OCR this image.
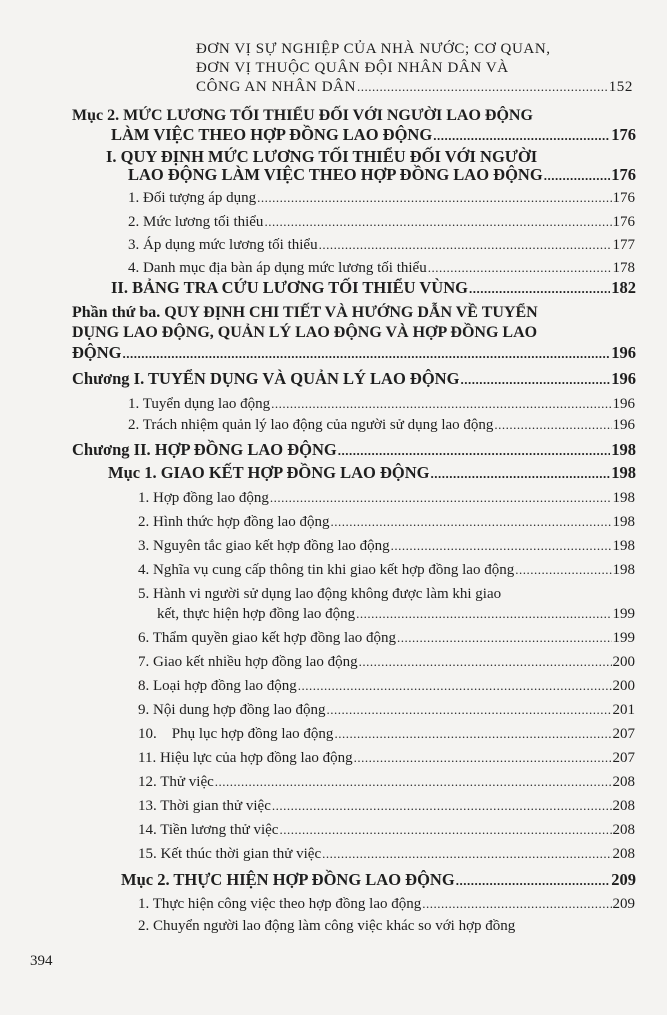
ĐƠN VỊ SỰ NGHIỆP CỦA NHÀ NƯỚC; CƠ QUAN,
ĐƠN VỊ THUỘC QUÂN ĐỘI NHÂN DÂN VÀ
CÔNG AN NHÂN DÂN .....	152
Mục 2. MỨC LƯƠNG TỐI THIỂU ĐỐI VỚI NGƯỜI LAO ĐỘNG
LÀM VIỆC THEO HỢP ĐỒNG LAO ĐỘNG .....	176
I. QUY ĐỊNH MỨC LƯƠNG TỐI THIỂU ĐỐI VỚI NGƯỜI
LAO ĐỘNG LÀM VIỆC THEO HỢP ĐỒNG LAO ĐỘNG .....	176
1. Đối tượng áp dụng .....	176
2. Mức lương tối thiểu .....	176
3. Áp dụng mức lương tối thiểu .....	177
4. Danh mục địa bàn áp dụng mức lương tối thiểu .....	178
II. BẢNG TRA CỨU LƯƠNG TỐI THIỂU VÙNG .....	182
Phần thứ ba. QUY ĐỊNH CHI TIẾT VÀ HƯỚNG DẪN VỀ TUYỂN
DỤNG LAO ĐỘNG, QUẢN LÝ LAO ĐỘNG VÀ HỢP ĐỒNG LAO
ĐỘNG .....	196
Chương I. TUYỂN DỤNG VÀ QUẢN LÝ LAO ĐỘNG .....	196
1. Tuyển dụng lao động .....	196
2. Trách nhiệm quản lý lao động của người sử dụng lao động .....	196
Chương II. HỢP ĐỒNG LAO ĐỘNG .....	198
Mục 1. GIAO KẾT HỢP ĐỒNG LAO ĐỘNG .....	198
1. Hợp đồng lao động .....	198
2. Hình thức hợp đồng lao động .....	198
3. Nguyên tắc giao kết hợp đồng lao động .....	198
4. Nghĩa vụ cung cấp thông tin khi giao kết hợp đồng lao động .....	198
5. Hành vi người sử dụng lao động không được làm khi giao
kết, thực hiện hợp đồng lao động .....	199
6. Thẩm quyền giao kết hợp đồng lao động .....	199
7. Giao kết nhiều hợp đồng lao động .....	200
8. Loại hợp đồng lao động .....	200
9. Nội dung hợp đồng lao động .....	201
10.    Phụ lục hợp đồng lao động .....	207
11. Hiệu lực của hợp đồng lao động .....	207
12. Thử việc .....	208
13. Thời gian thử việc .....	208
14. Tiền lương thử việc .....	208
15. Kết thúc thời gian thử việc .....	208
Mục 2. THỰC HIỆN HỢP ĐỒNG LAO ĐỘNG .....	209
1. Thực hiện công việc theo hợp đồng lao động .....	209
2. Chuyển người lao động làm công việc khác so với hợp đồng
394
